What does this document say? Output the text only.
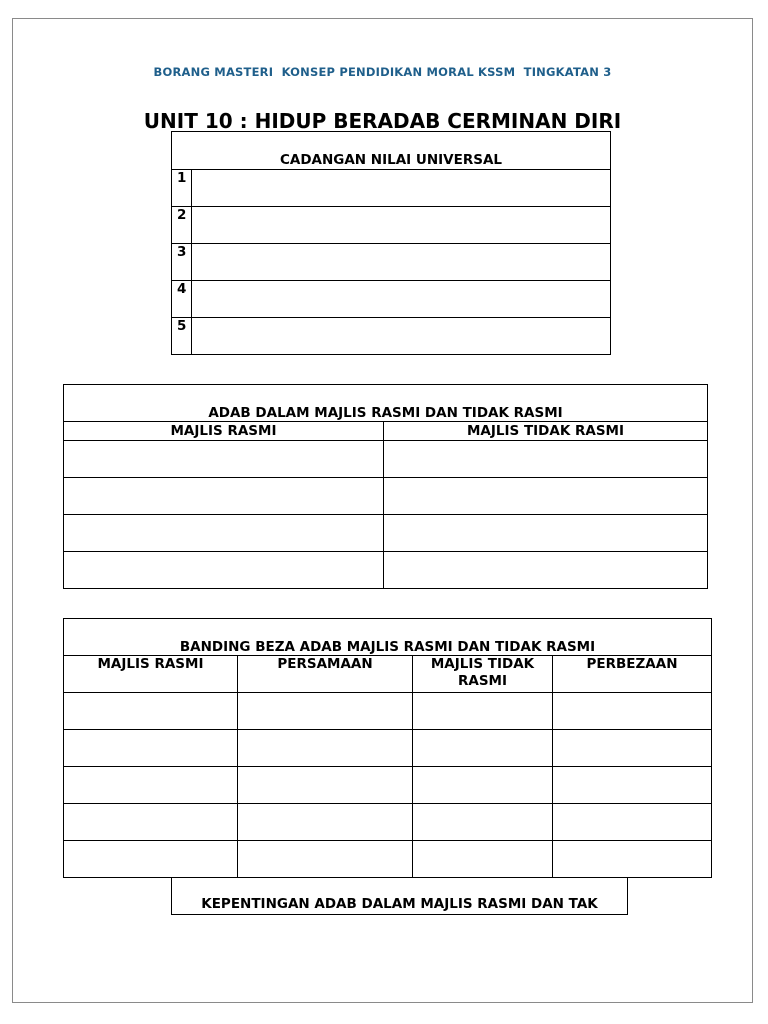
BORANG MASTERI  KONSEP PENDIDIKAN MORAL KSSM  TINGKATAN 3
UNIT 10 : HIDUP BERADAB CERMINAN DIRI
CADANGAN NILAI UNIVERSAL	
1	
2	
3	
4	
5	
ADAB DALAM MAJLIS RASMI DAN TIDAK RASMI	
MAJLIS RASMI	MAJLIS TIDAK RASMI

BANDING BEZA ADAB MAJLIS RASMI DAN TIDAK RASMI			
MAJLIS RASMI	PERSAMAAN	MAJLIS TIDAK RASMI	PERBEZAAN

KEPENTINGAN ADAB DALAM MAJLIS RASMI DAN TAK
